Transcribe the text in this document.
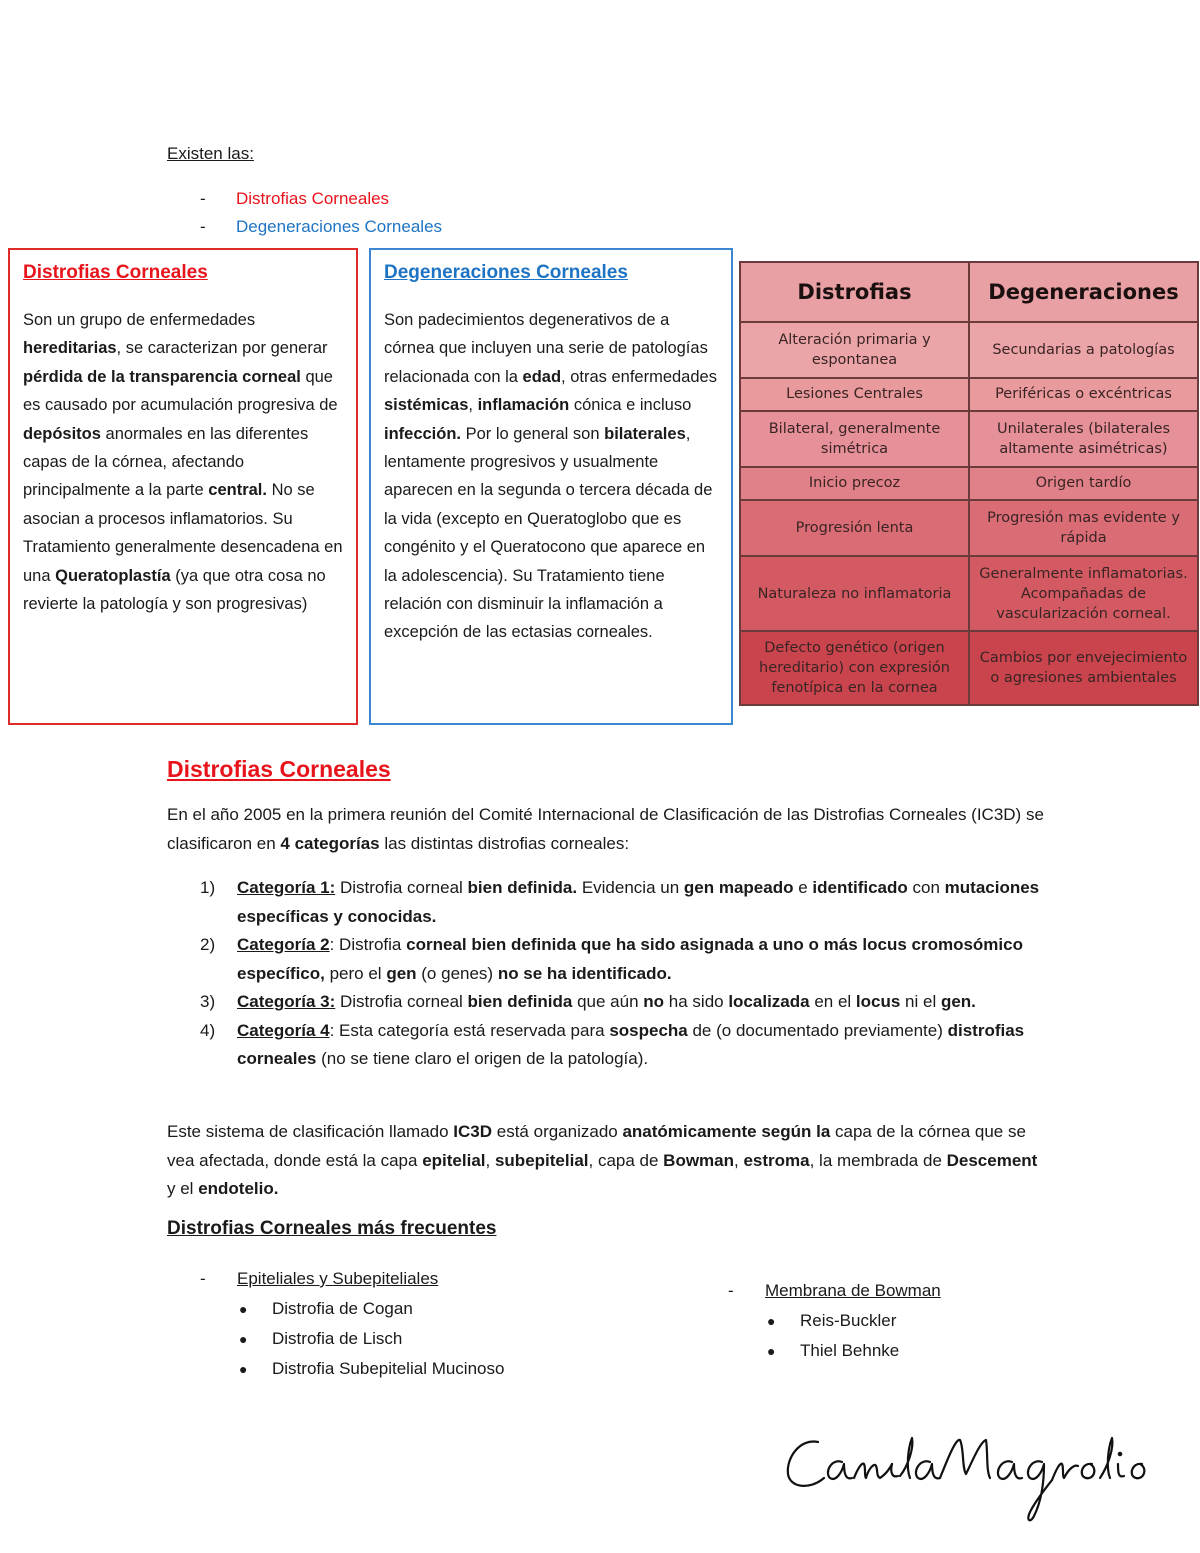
Existen las:
- Distrofias Corneales
- Degeneraciones Corneales
Distrofias Corneales
Son un grupo de enfermedades hereditarias, se caracterizan por generar pérdida de la transparencia corneal que es causado por acumulación progresiva de depósitos anormales en las diferentes capas de la córnea, afectando principalmente a la parte central. No se asocian a procesos inflamatorios. Su Tratamiento generalmente desencadena en una Queratoplastía (ya que otra cosa no revierte la patología y son progresivas)
Degeneraciones Corneales
Son padecimientos degenerativos de a córnea que incluyen una serie de patologías relacionada con la edad, otras enfermedades sistémicas, inflamación cónica e incluso infección. Por lo general son bilaterales, lentamente progresivos y usualmente aparecen en la segunda o tercera década de la vida (excepto en Queratoglobo que es congénito y el Queratocono que aparece en la adolescencia). Su Tratamiento tiene relación con disminuir la inflamación a excepción de las ectasias corneales.
Distrofias	Degeneraciones
Alteración primaria y espontanea	Secundarias a patologías
Lesiones Centrales	Periféricas o excéntricas
Bilateral, generalmente simétrica	Unilaterales (bilaterales altamente asimétricas)
Inicio precoz	Origen tardío
Progresión lenta	Progresión mas evidente y rápida
Naturaleza no inflamatoria	Generalmente inflamatorias. Acompañadas de vascularización corneal.
Defecto genético (origen hereditario) con expresión fenotípica en la cornea	Cambios por envejecimiento o agresiones ambientales
Distrofias Corneales
En el año 2005 en la primera reunión del Comité Internacional de Clasificación de las Distrofias Corneales (IC3D) se clasificaron en 4 categorías las distintas distrofias corneales:
1) Categoría 1: Distrofia corneal bien definida. Evidencia un gen mapeado e identificado con mutaciones específicas y conocidas.
2) Categoría 2: Distrofia corneal bien definida que ha sido asignada a uno o más locus cromosómico específico, pero el gen (o genes) no se ha identificado.
3) Categoría 3: Distrofia corneal bien definida que aún no ha sido localizada en el locus ni el gen.
4) Categoría 4: Esta categoría está reservada para sospecha de (o documentado previamente) distrofias corneales (no se tiene claro el origen de la patología).
Este sistema de clasificación llamado IC3D está organizado anatómicamente según la capa de la córnea que se vea afectada, donde está la capa epitelial, subepitelial, capa de Bowman, estroma, la membrada de Descement y el endotelio.
Distrofias Corneales más frecuentes
- Epiteliales y Subepiteliales
● Distrofia de Cogan
● Distrofia de Lisch
● Distrofia Subepitelial Mucinoso
- Membrana de Bowman
● Reis-Buckler
● Thiel Behnke
